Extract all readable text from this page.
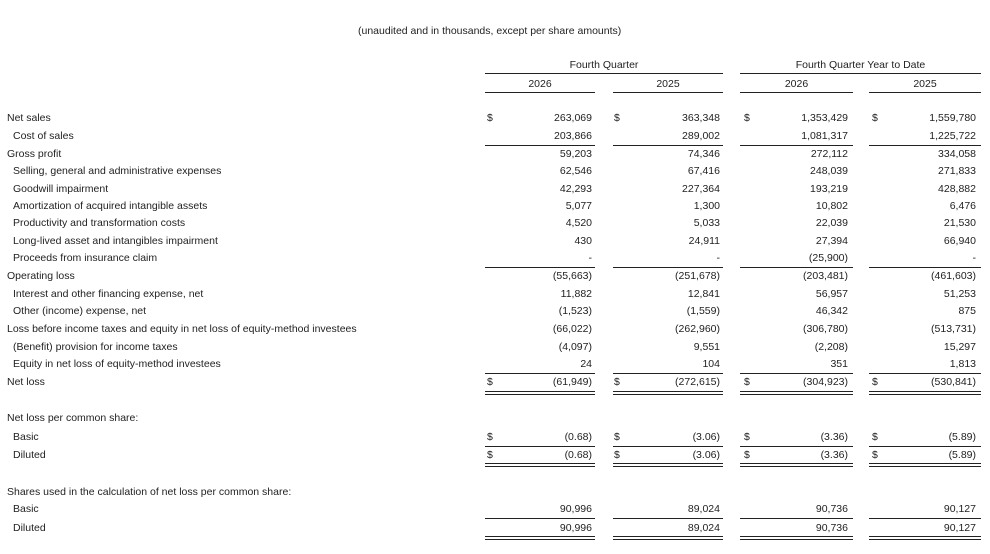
(unaudited and in thousands, except per share amounts)
Fourth Quarter	Fourth Quarter Year to Date
2026	2025	2026	2025
Net sales	$	263,069 $	363,348 $	1,353,429 $	1,559,780
Cost of sales	203,866	289,002	1,081,317	1,225,722
Gross profit	59,203	74,346	272,112	334,058
Selling, general and administrative expenses	62,546	67,416	248,039	271,833
Goodwill impairment	42,293	227,364	193,219	428,882
Amortization of acquired intangible assets	5,077	1,300	10,802	6,476
Productivity and transformation costs	4,520	5,033	22,039	21,530
Long-lived asset and intangibles impairment	430	24,911	27,394	66,940
Proceeds from insurance claim	-	-	(25,900)	-
Operating loss	(55,663)	(251,678)	(203,481)	(461,603)
Interest and other financing expense, net	11,882	12,841	56,957	51,253
Other (income) expense, net	(1,523)	(1,559)	46,342	875
Loss before income taxes and equity in net loss of equity-method investees	(66,022)	(262,960)	(306,780)	(513,731)
(Benefit) provision for income taxes	(4,097)	9,551	(2,208)	15,297
Equity in net loss of equity-method investees	24	104	351	1,813
Net loss	$	(61,949) $	(272,615) $	(304,923) $	(530,841)
Net loss per common share:
Basic	$	(0.68) $	(3.06) $	(3.36) $	(5.89)
Diluted	$	(0.68) $	(3.06) $	(3.36) $	(5.89)
Shares used in the calculation of net loss per common share:
Basic	90,996	89,024	90,736	90,127
Diluted	90,996	89,024	90,736	90,127
